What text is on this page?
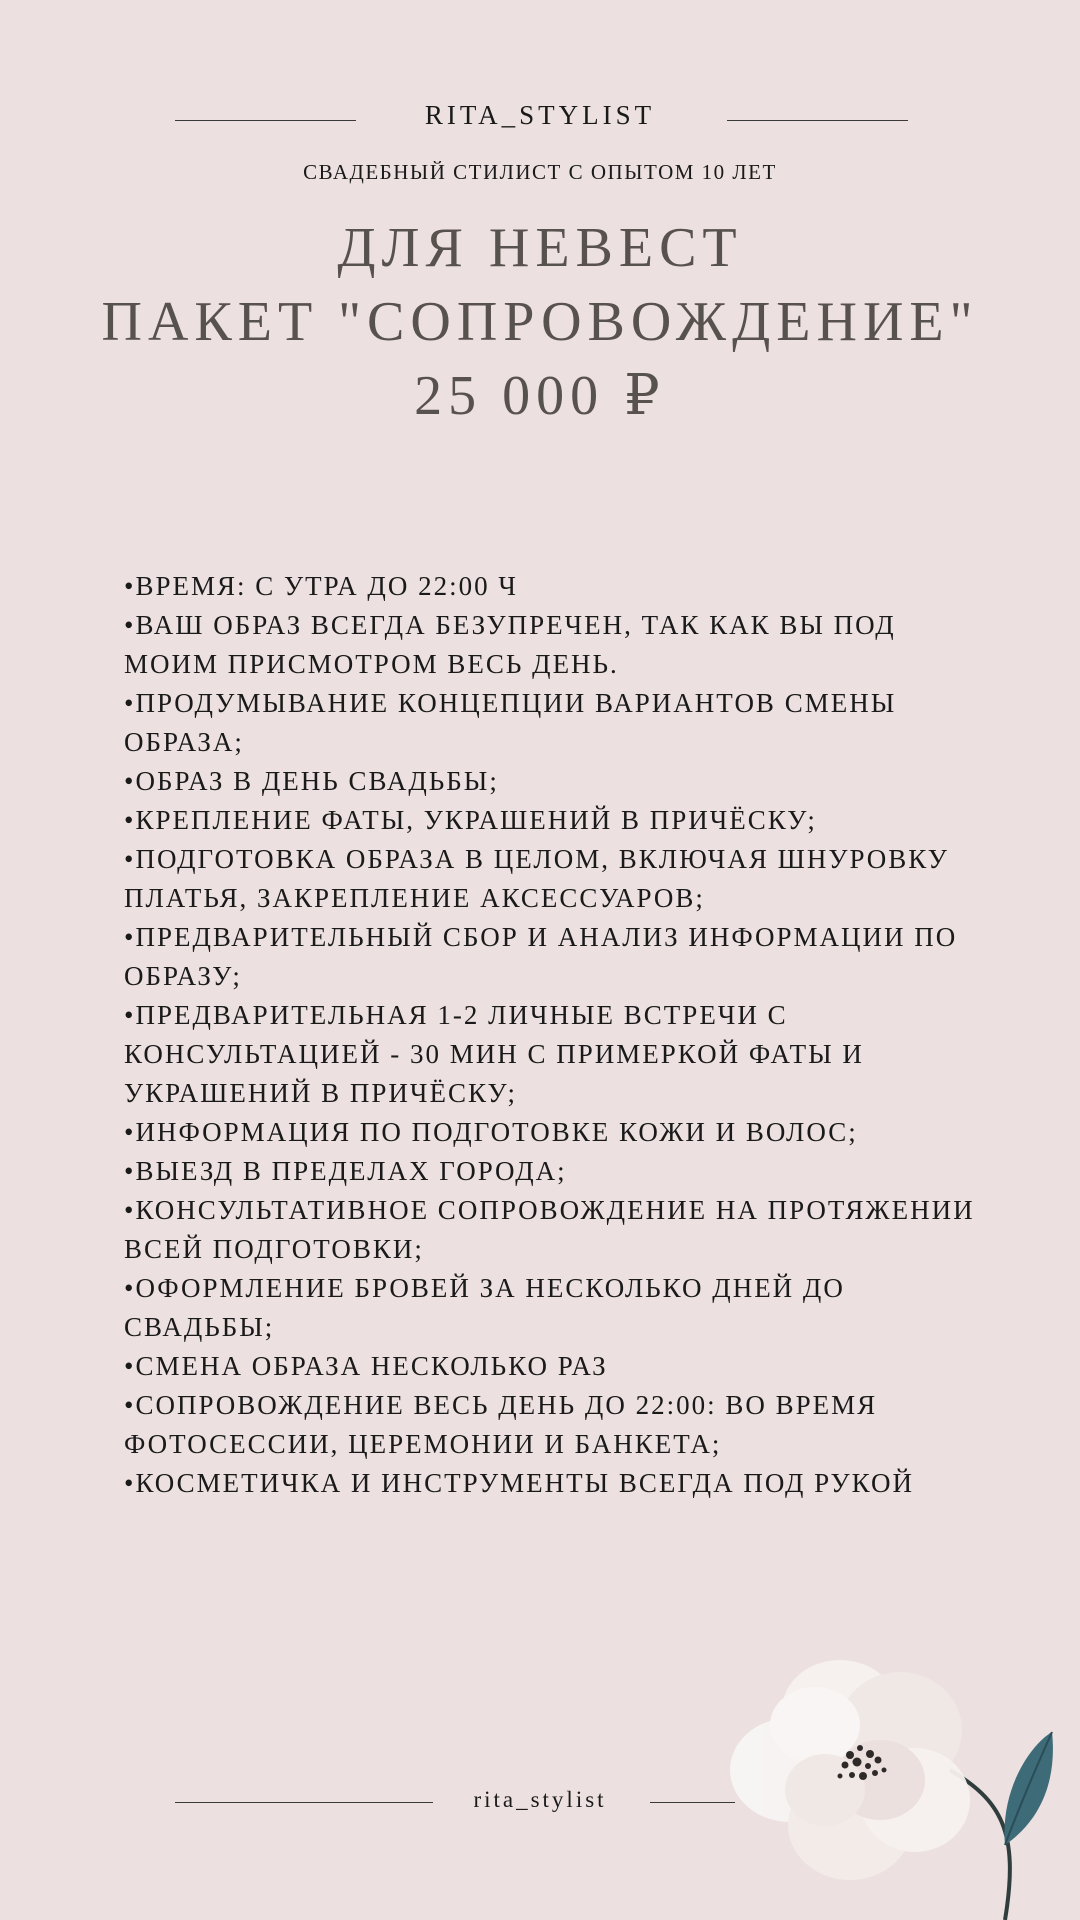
RITA_STYLIST
СВАДЕБНЫЙ СТИЛИСТ С ОПЫТОМ 10 ЛЕТ
ДЛЯ НЕВЕСТ
ПАКЕТ "СОПРОВОЖДЕНИЕ"
25 000 ₽
•ВРЕМЯ: С УТРА ДО 22:00 Ч
•ВАШ ОБРАЗ ВСЕГДА БЕЗУПРЕЧЕН, ТАК КАК ВЫ ПОД МОИМ ПРИСМОТРОМ ВЕСЬ ДЕНЬ.
•ПРОДУМЫВАНИЕ КОНЦЕПЦИИ ВАРИАНТОВ СМЕНЫ ОБРАЗА;
•ОБРАЗ В ДЕНЬ СВАДЬБЫ;
•КРЕПЛЕНИЕ ФАТЫ, УКРАШЕНИЙ В ПРИЧЁСКУ;
•ПОДГОТОВКА ОБРАЗА В ЦЕЛОМ, ВКЛЮЧАЯ ШНУРОВКУ ПЛАТЬЯ, ЗАКРЕПЛЕНИЕ АКСЕССУАРОВ;
•ПРЕДВАРИТЕЛЬНЫЙ СБОР И АНАЛИЗ ИНФОРМАЦИИ ПО ОБРАЗУ;
•ПРЕДВАРИТЕЛЬНАЯ 1-2 ЛИЧНЫЕ ВСТРЕЧИ С КОНСУЛЬТАЦИЕЙ - 30 МИН С ПРИМЕРКОЙ ФАТЫ И УКРАШЕНИЙ В ПРИЧЁСКУ;
•ИНФОРМАЦИЯ ПО ПОДГОТОВКЕ КОЖИ И ВОЛОС;
•ВЫЕЗД В ПРЕДЕЛАХ ГОРОДА;
•КОНСУЛЬТАТИВНОЕ СОПРОВОЖДЕНИЕ НА ПРОТЯЖЕНИИ ВСЕЙ ПОДГОТОВКИ;
•ОФОРМЛЕНИЕ БРОВЕЙ ЗА НЕСКОЛЬКО ДНЕЙ ДО СВАДЬБЫ;
•СМЕНА ОБРАЗА НЕСКОЛЬКО РАЗ
•СОПРОВОЖДЕНИЕ ВЕСЬ ДЕНЬ ДО 22:00: ВО ВРЕМЯ ФОТОСЕССИИ, ЦЕРЕМОНИИ И БАНКЕТА;
•КОСМЕТИЧКА И ИНСТРУМЕНТЫ ВСЕГДА ПОД РУКОЙ
rita_stylist
